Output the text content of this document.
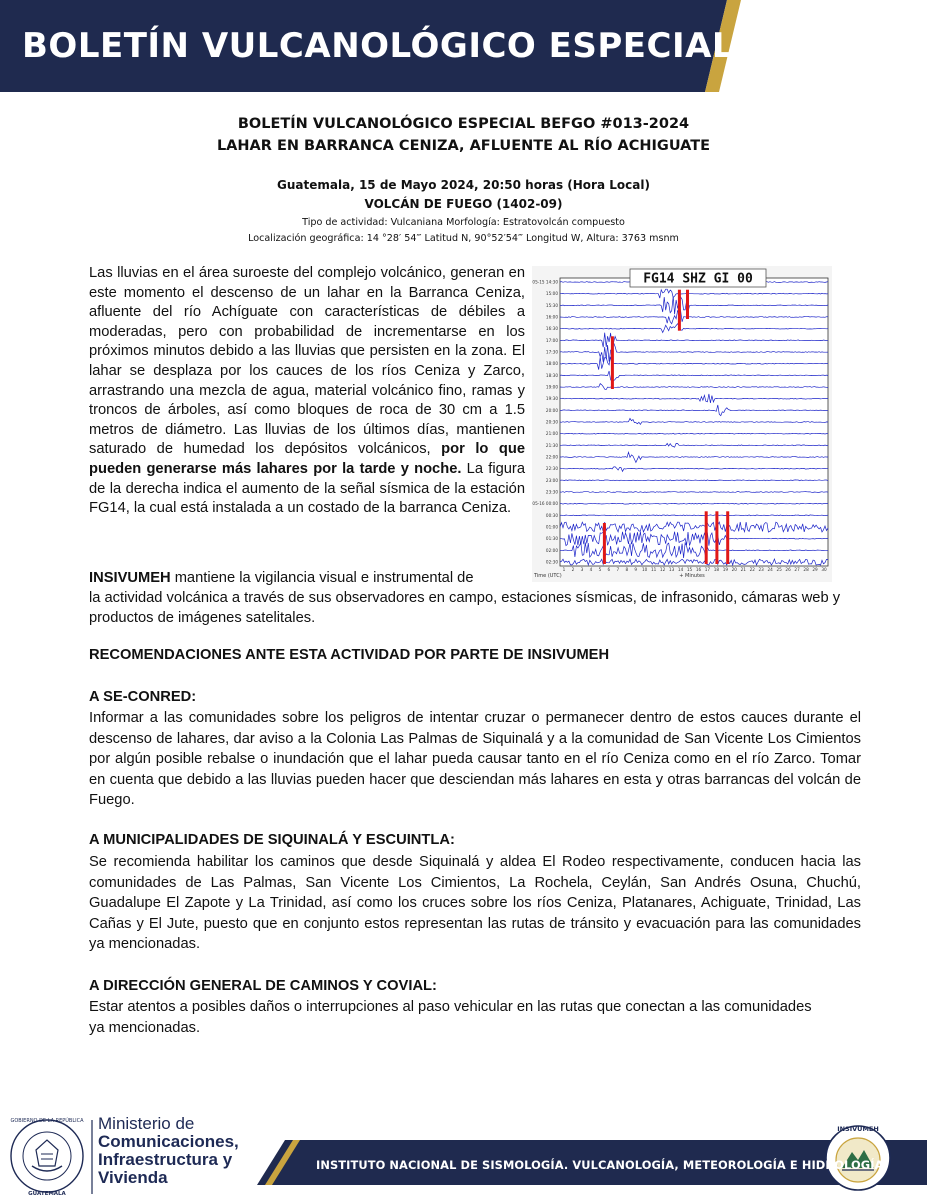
BOLETÍN VULCANOLÓGICO ESPECIAL
BOLETÍN VULCANOLÓGICO ESPECIAL BEFGO #013-2024
LAHAR EN BARRANCA CENIZA, AFLUENTE AL RÍO ACHIGUATE
Guatemala, 15 de Mayo 2024, 20:50 horas (Hora Local)
VOLCÁN DE FUEGO (1402-09)
Tipo de actividad: Vulcaniana Morfología: Estratovolcán compuesto
Localización geográfica: 14 °28′ 54‴ Latitud N, 90°52′54‴ Longitud W, Altura: 3763 msnm
Las lluvias en el área suroeste del complejo volcánico, generan en este momento el descenso de un lahar en la Barranca Ceniza, afluente del río Achíguate con características de débiles a moderadas, pero con probabilidad de incrementarse en los próximos minutos debido a las lluvias que persisten en la zona. El lahar se desplaza por los cauces de los ríos Ceniza y Zarco, arrastrando una mezcla de agua, material volcánico fino, ramas y troncos de árboles, así como bloques de roca de 30 cm a 1.5 metros de diámetro. Las lluvias de los últimos días, mantienen saturado de humedad los depósitos volcánicos, por lo que pueden generarse más lahares por la tarde y noche. La figura de la derecha indica el aumento de la señal sísmica de la estación FG14, la cual está instalada a un costado de la barranca Ceniza.
05-15 14:30
15:00
15:30
16:00
16:30
17:00
17:30
18:00
18:30
19:00
19:30
20:00
20:30
21:00
21:30
22:00
22:30
23:00
23:30
05-16 00:00
00:30
01:00
01:30
02:00
02:30
1 2 3 4 5 6 7 8 9 10 11 12 13 14 15 16 17 18 19 20 21 22 23 24 25 26 27 28 29 30
FG14 SHZ GI 00
Time (UTC)	+ Minutes
INSIVUMEH mantiene la vigilancia visual e instrumental de
la actividad volcánica a través de sus observadores en campo, estaciones sísmicas, de infrasonido, cámaras web y productos de imágenes satelitales.
RECOMENDACIONES ANTE ESTA ACTIVIDAD POR PARTE DE INSIVUMEH
A SE-CONRED:
Informar a las comunidades sobre los peligros de intentar cruzar o permanecer dentro de estos cauces durante el descenso de lahares, dar aviso a la Colonia Las Palmas de Siquinalá y a la comunidad de San Vicente Los Cimientos por algún posible rebalse o inundación que el lahar pueda causar tanto en el río Ceniza como en el río Zarco. Tomar en cuenta que debido a las lluvias pueden hacer que desciendan más lahares en esta y otras barrancas del volcán de Fuego.
A MUNICIPALIDADES DE SIQUINALÁ Y ESCUINTLA:
Se recomienda habilitar los caminos que desde Siquinalá y aldea El Rodeo respectivamente, conducen hacia las comunidades de Las Palmas, San Vicente Los Cimientos, La Rochela, Ceylán, San Andrés Osuna, Chuchú, Guadalupe El Zapote y La Trinidad, así como los cruces sobre los ríos Ceniza, Platanares, Achiguate, Trinidad, Las Cañas y El Jute, puesto que en conjunto estos representan las rutas de tránsito y evacuación para las comunidades ya mencionadas.
A DIRECCIÓN GENERAL DE CAMINOS Y COVIAL:
Estar atentos a posibles daños o interrupciones al paso vehicular en las rutas que conectan a las comunidades ya mencionadas.
GOBIERNO DE LA REPÚBLICA
GUATEMALA
INSIVUMEH
Ministerio de
Comunicaciones,
Infraestructura y
Vivienda
INSTITUTO NACIONAL DE SISMOLOGÍA. VULCANOLOGÍA, METEOROLOGÍA E HIDROLOGÍA
